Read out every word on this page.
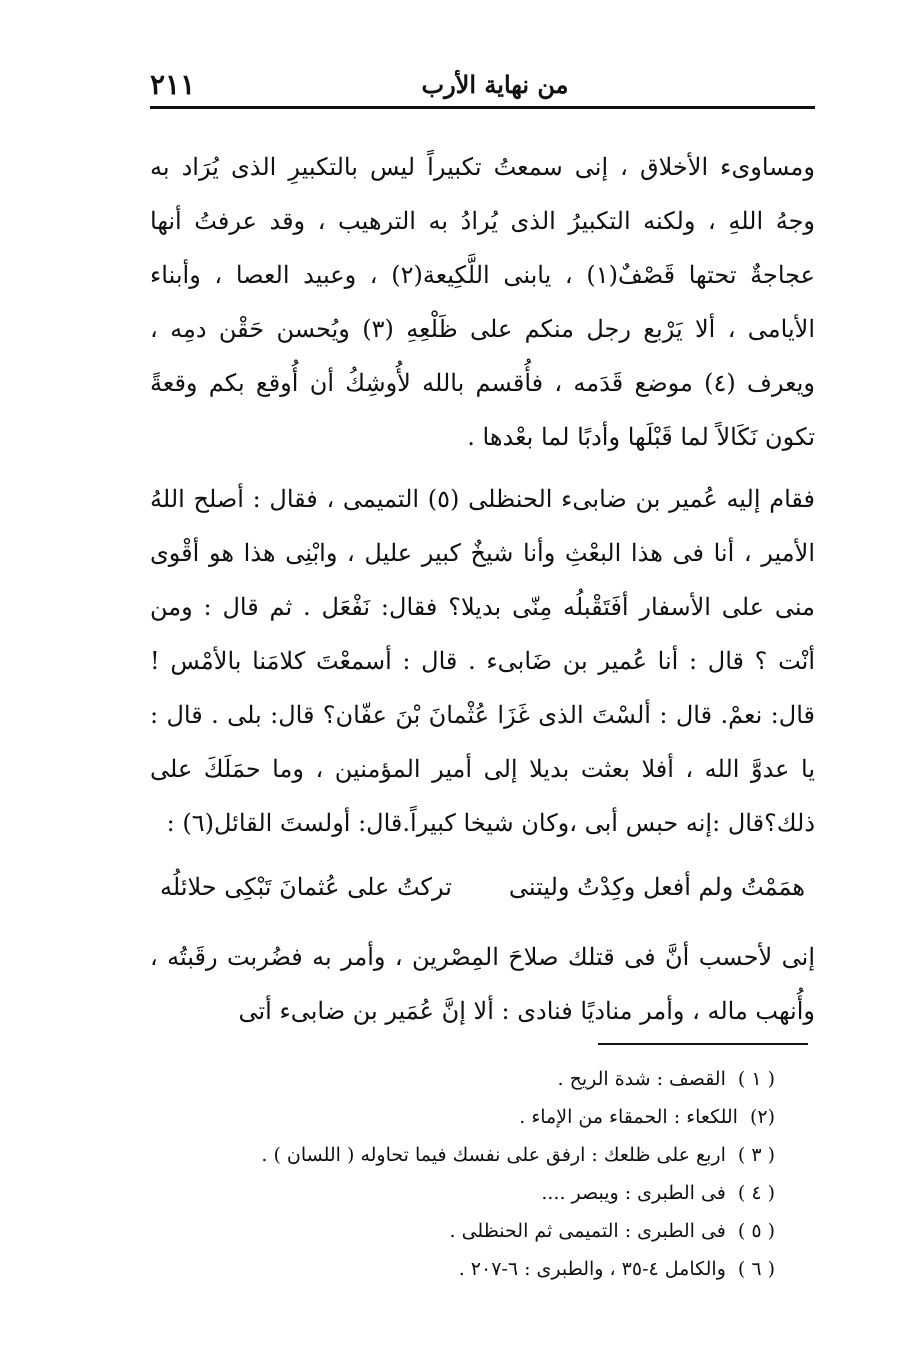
٢١١	من نهاية الأرب
ومساوىء الأخلاق ، إنى سمعتُ تكبيراً ليس بالتكبيرِ الذى يُرَاد به وجهُ اللهِ ، ولكنه التكبيرُ الذى يُرادُ به الترهيب ، وقد عرفتُ أنها عجاجةٌ تحتها قَصْفٌ(١) ، يابنى اللَّكِيعة(٢) ، وعبيد العصا ، وأبناء الأيامى ، ألا يَرْبع رجل منكم على ظَلْعِهِ (٣) ويُحسن حَقْن دمِه ، ويعرف (٤) موضع قَدَمه ، فأُقسم بالله لأُوشِكُ أن أُوقع بكم وقعةً تكون نَكَالاً لما قَبْلَها وأدبًا لما بعْدها .
فقام إليه عُمير بن ضابىء الحنظلى (٥) التميمى ، فقال : أصلح اللهُ الأمير ، أنا فى هذا البعْثِ وأنا شيخٌ كبير عليل ، وابْنِى هذا هو أقْوى منى على الأسفار أفَتَقْبلُه مِنّى بديلا؟ فقال: نَفْعَل . ثم قال : ومن أنْت ؟ قال : أنا عُمير بن ضَابىء . قال : أسمعْتَ كلامَنا بالأمْس ! قال: نعمْ. قال : ألسْتَ الذى غَزَا عُثْمانَ بْنَ عفّان؟ قال: بلى . قال : يا عدوَّ الله ، أفلا بعثت بديلا إلى أمير المؤمنين ، وما حمَلَكَ على ذلك؟قال :إنه حبس أبى ،وكان شيخا كبيراً.قال: أولستَ القائل(٦) :
همَمْتُ ولم أفعل وكِدْتُ وليتنى
تركتُ على عُثمانَ تَبْكِى حلائلُه
إنى لأحسب أنَّ فى قتلك صلاحَ المِصْرين ، وأمر به فضُربت رقَبتُه ، وأُنهب ماله ، وأمر مناديًا فنادى : ألا إنَّ عُمَير بن ضابىء أتى
( ١ )القصف : شدة الريح .
(٢)اللكعاء : الحمقاء من الإماء .
( ٣ )اربع على ظلعك : ارفق على نفسك فيما تحاوله ( اللسان ) .
( ٤ )فى الطبرى : ويبصر ....
( ٥ )فى الطبرى : التميمى ثم الحنظلى .
( ٦ )والكامل ٤-٣٥ ، والطبرى : ٦-٢٠٧ .
